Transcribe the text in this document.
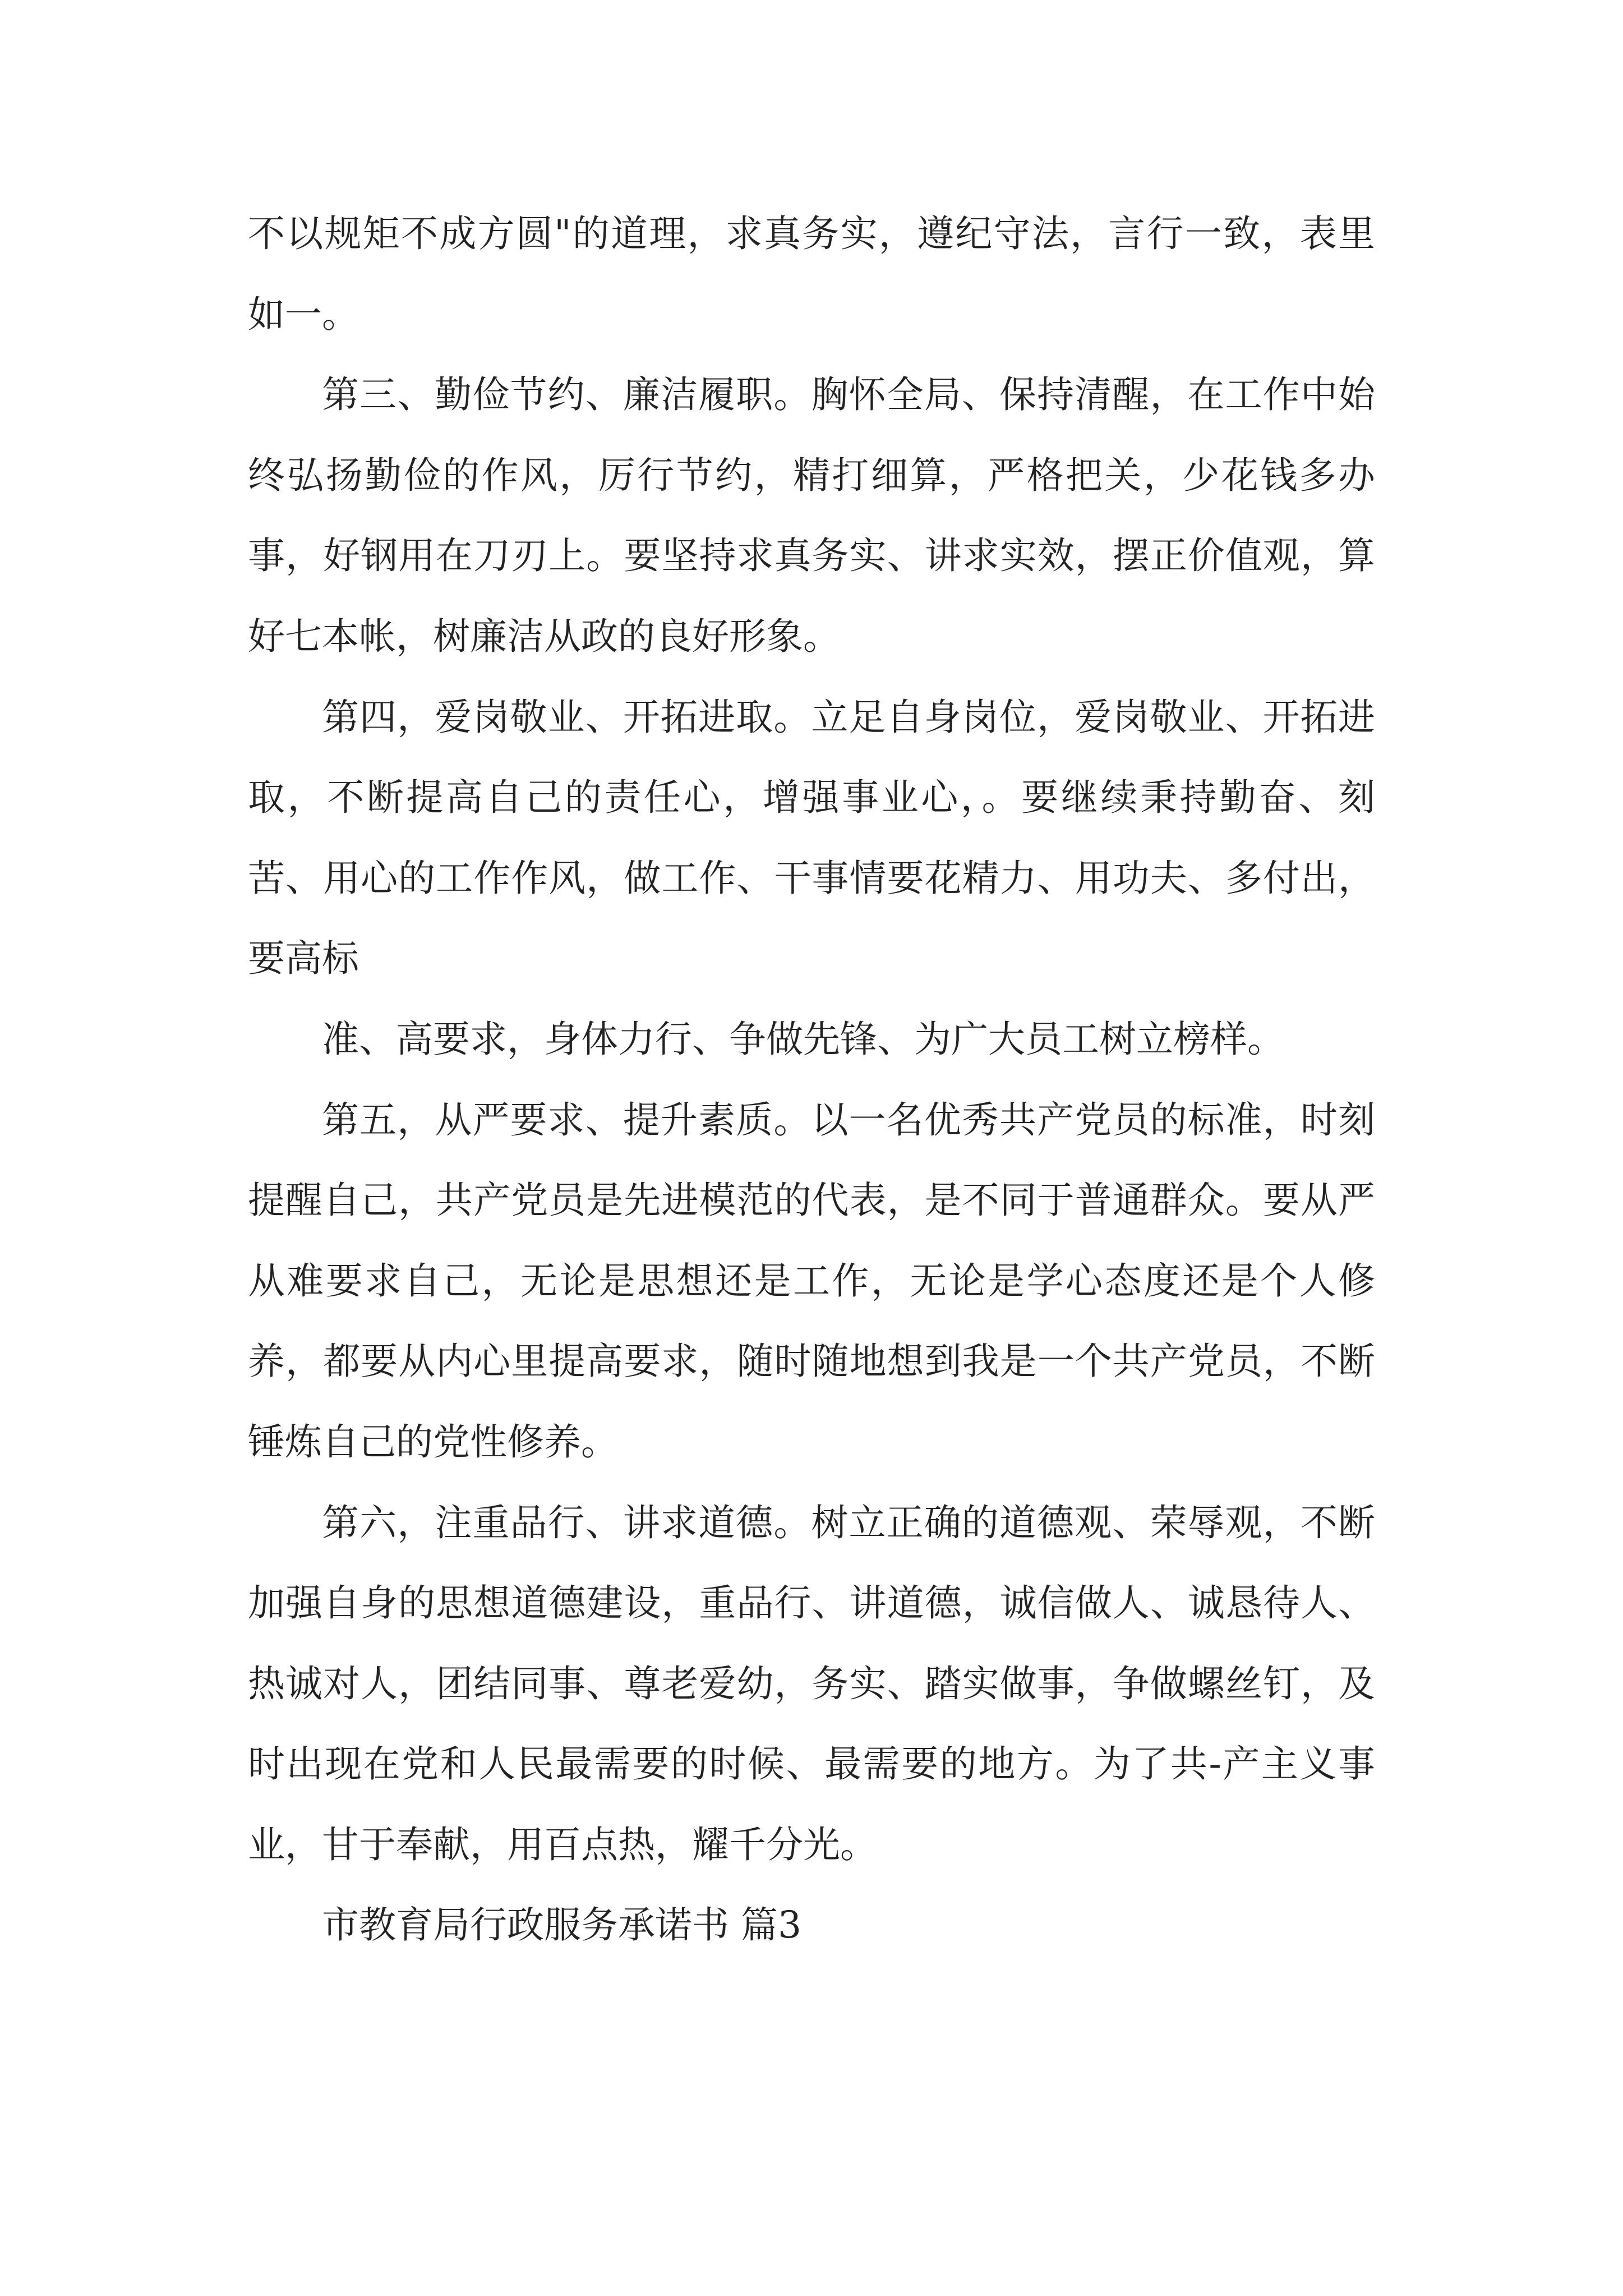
不以规矩不成方圆"的道理，求真务实，遵纪守法，言行一致，表里如一。

第三、勤俭节约、廉洁履职。胸怀全局、保持清醒，在工作中始终弘扬勤俭的作风，厉行节约，精打细算，严格把关，少花钱多办事，好钢用在刀刃上。要坚持求真务实、讲求实效，摆正价值观，算好七本帐，树廉洁从政的良好形象。

第四，爱岗敬业、开拓进取。立足自身岗位，爱岗敬业、开拓进取，不断提高自己的责任心，增强事业心，。要继续秉持勤奋、刻苦、用心的工作作风，做工作、干事情要花精力、用功夫、多付出，要高标

准、高要求，身体力行、争做先锋、为广大员工树立榜样。

第五，从严要求、提升素质。以一名优秀共产党员的标准，时刻提醒自己，共产党员是先进模范的代表，是不同于普通群众。要从严从难要求自己，无论是思想还是工作，无论是学心态度还是个人修养，都要从内心里提高要求，随时随地想到我是一个共产党员，不断锤炼自己的党性修养。

第六，注重品行、讲求道德。树立正确的道德观、荣辱观，不断加强自身的思想道德建设，重品行、讲道德，诚信做人、诚恳待人、热诚对人，团结同事、尊老爱幼，务实、踏实做事，争做螺丝钉，及时出现在党和人民最需要的时候、最需要的地方。为了共-产主义事业，甘于奉献，用百点热，耀千分光。

市教育局行政服务承诺书 篇3
